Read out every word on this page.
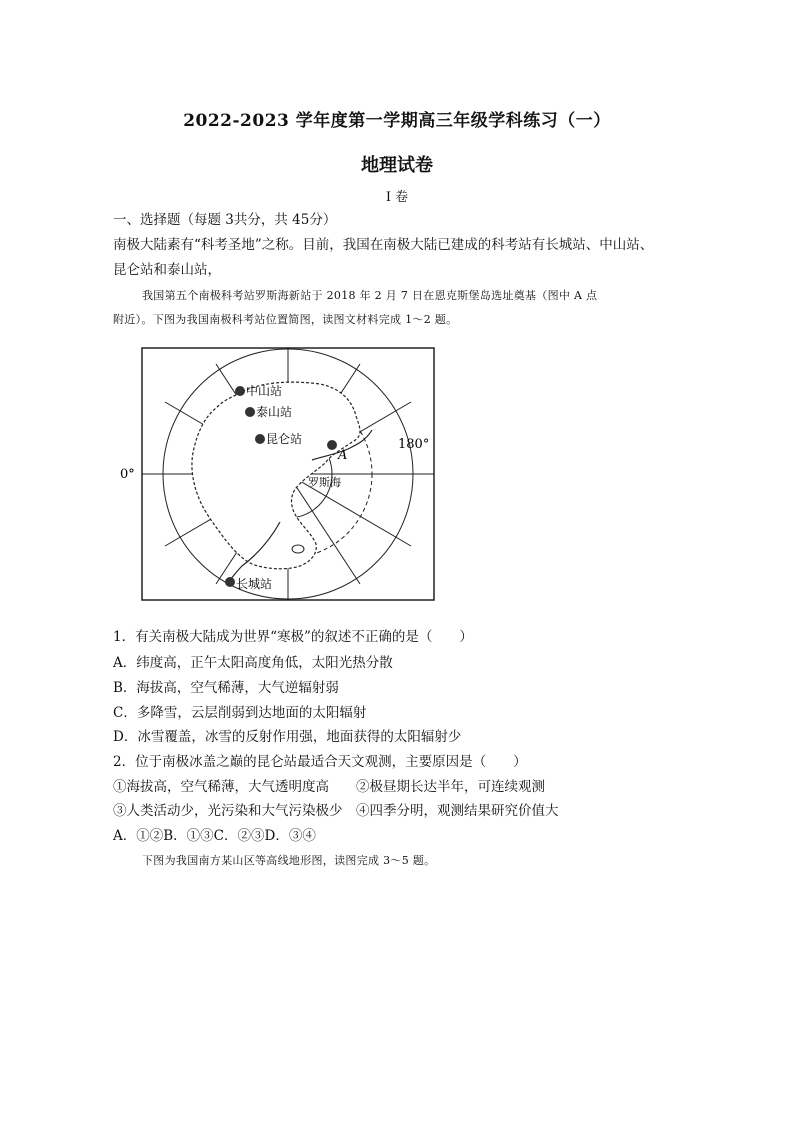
2022-2023 学年度第一学期高三年级学科练习（一）
地理试卷
I 卷
一、选择题（每题 3共分，共 45分）
南极大陆素有“科考圣地”之称。目前，我国在南极大陆已建成的科考站有长城站、中山站、
昆仑站和泰山站，
我国第五个南极科考站罗斯海新站于 2018 年 2 月 7 日在恩克斯堡岛选址奠基（图中 A 点
附近）。下图为我国南极科考站位置简图，读图文材料完成 1～2 题。
中山站
泰山站
昆仑站
长城站
A
罗斯海
0°
180°
1．有关南极大陆成为世界“寒极”的叙述不正确的是（　　）
A．纬度高，正午太阳高度角低，太阳光热分散
B．海拔高，空气稀薄，大气逆辐射弱
C．多降雪，云层削弱到达地面的太阳辐射
D．冰雪覆盖，冰雪的反射作用强，地面获得的太阳辐射少
2．位于南极冰盖之巅的昆仑站最适合天文观测，主要原因是（　　）
①海拔高，空气稀薄，大气透明度高　　②极昼期长达半年，可连续观测
③人类活动少，光污染和大气污染极少　④四季分明，观测结果研究价值大
A．①②B．①③C．②③D．③④
下图为我国南方某山区等高线地形图，读图完成 3～5 题。
